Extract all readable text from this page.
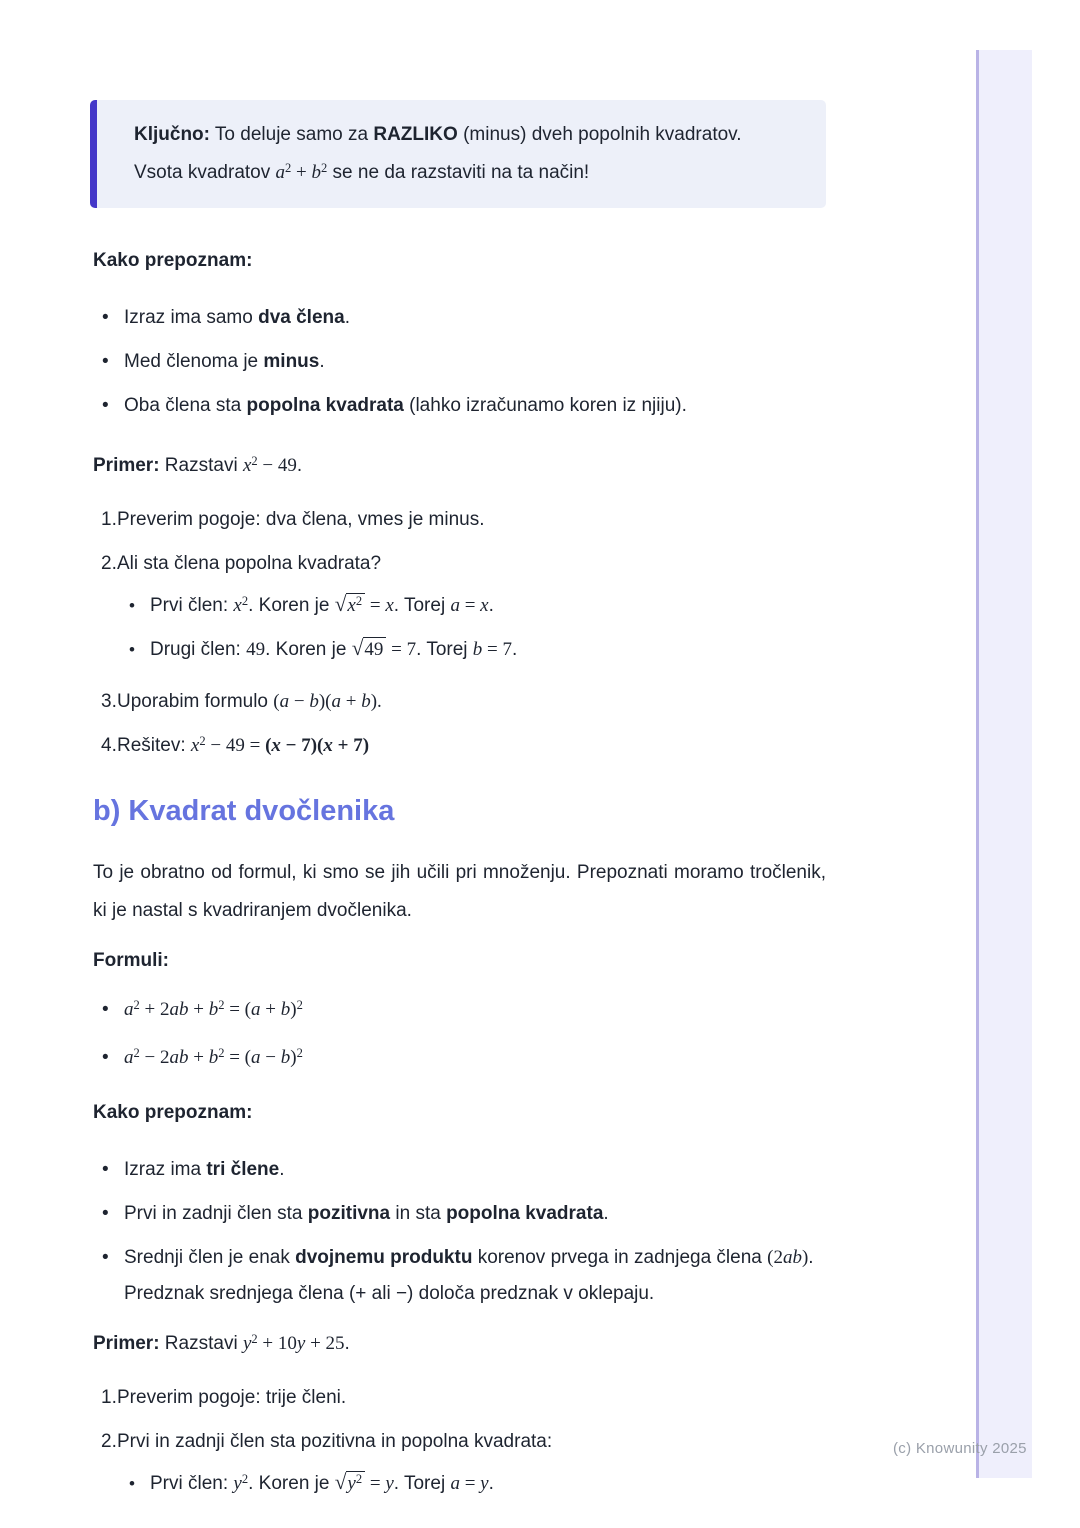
(c) Knowunity 2025
Ključno: To deluje samo za RAZLIKO (minus) dveh popolnih kvadratov.
Vsota kvadratov $a^2 + b^2$ se ne da razstaviti na ta način!

Kako prepoznam:

• Izraz ima samo dva člena.
• Med členoma je minus.
• Oba člena sta popolna kvadrata (lahko izračunamo koren iz njiju).

Primer: Razstavi $x^2 - 49$.

1. Preverim pogoje: dva člena, vmes je minus.
2. Ali sta člena popolna kvadrata?
• Prvi člen: $x^2$. Koren je $√x^2 = x$. Torej a = x.
• Drugi člen: 49. Koren je √49 = 7. Torej b = 7.
3. Uporabim formulo (a − b)(a + b).
4. Rešitev: $x^2 - 49 = (x - 7)(x + 7)$
b) Kvadrat dvočlenika

To je obratno od formul, ki smo se jih učili pri množenju. Prepoznati moramo tročlenik, ki je nastal s kvadriranjem dvočlenika.

Formuli:

• $a^2 + 2ab + b^2 = (a + b)^2$
• $a^2 - 2ab + b^2 = (a - b)^2$

Kako prepoznam:

• Izraz ima tri člene.
• Prvi in zadnji člen sta pozitivna in sta popolna kvadrata.
• Srednji člen je enak dvojnemu produktu korenov prvega in zadnjega člena (2ab). Predznak srednjega člena (+ ali −) določa predznak v oklepaju.

Primer: Razstavi $y^2 + 10y + 25$.

1. Preverim pogoje: trije členi.
2. Prvi in zadnji člen sta pozitivna in popolna kvadrata:
• Prvi člen: $y^2$. Koren je $√y^2 = y$. Torej a = y.
